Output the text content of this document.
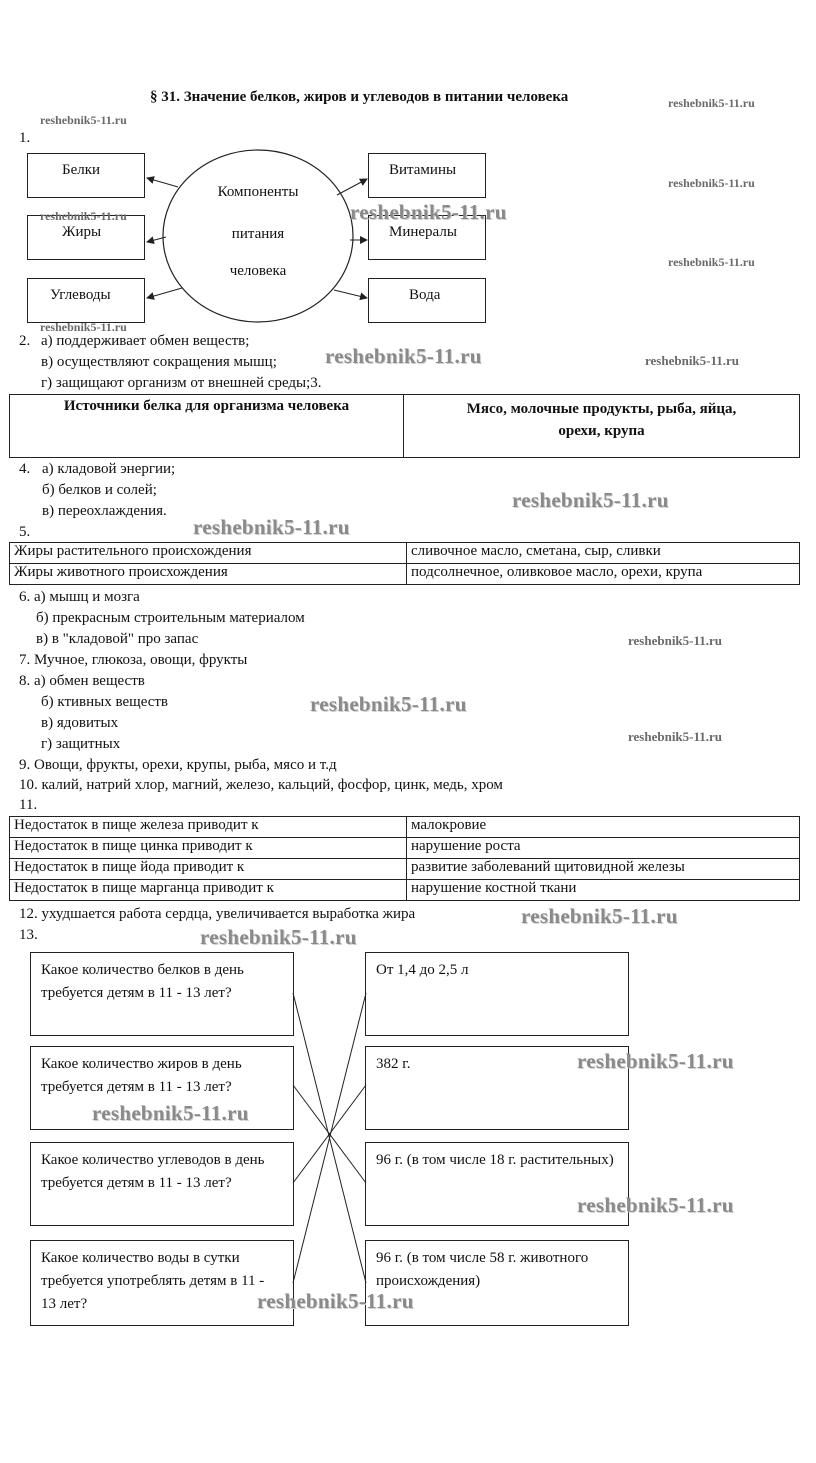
§ 31. Значение белков, жиров и углеводов в питании человека
1.
Компоненты
питания
человека
Белки
Жиры
Углеводы
Витамины
Минералы
Вода
2. а) поддерживает обмен веществ;
в) осуществляют сокращения мышц;
г) защищают организм от внешней среды;3.
Источники белка для организма человека	Мясо, молочные продукты, рыба, яйца,
орехи, крупа
4. а) кладовой энергии;
б) белков и солей;
в) переохлаждения.
5.
Жиры растительного происхождения	сливочное масло, сметана, сыр, сливки
Жиры животного происхождения	подсолнечное, оливковое масло, орехи, крупа
6. а) мышц и мозга
б) прекрасным строительным материалом
в) в "кладовой" про запас
7. Мучное, глюкоза, овощи, фрукты
8. а) обмен веществ
б) ктивных веществ
в) ядовитых
г) защитных
9. Овощи, фрукты, орехи, крупы, рыба, мясо и т.д
10. калий, натрий хлор, магний, железо, кальций, фосфор, цинк, медь, хром
11.
Недостаток в пище железа приводит к	малокровие
Недостаток в пище цинка приводит к	нарушение роста
Недостаток в пище йода приводит к	развитие заболеваний щитовидной железы
Недостаток в пище марганца приводит к	нарушение костной ткани
12. ухудшается работа сердца, увеличивается выработка жира
13.
Какое количество белков в день требуется детям в 11 - 13 лет?
Какое количество жиров в день требуется детям в 11 - 13 лет?
Какое количество углеводов в день требуется детям в 11 - 13 лет?
Какое количество воды в сутки требуется употреблять детям в 11 - 13 лет?
От 1,4 до 2,5 л
382 г.
96 г. (в том числе 18 г. растительных)
96 г. (в том числе 58 г. животного происхождения)
reshebnik5-11.ru
reshebnik5-11.ru
reshebnik5-11.ru
reshebnik5-11.ru	reshebnik5-11.ru
reshebnik5-11.ru
reshebnik5-11.ru
reshebnik5-11.ru	reshebnik5-11.ru
reshebnik5-11.ru
reshebnik5-11.ru
reshebnik5-11.ru
reshebnik5-11.ru
reshebnik5-11.ru
reshebnik5-11.ru
reshebnik5-11.ru
reshebnik5-11.ru
reshebnik5-11.ru
reshebnik5-11.ru
reshebnik5-11.ru
